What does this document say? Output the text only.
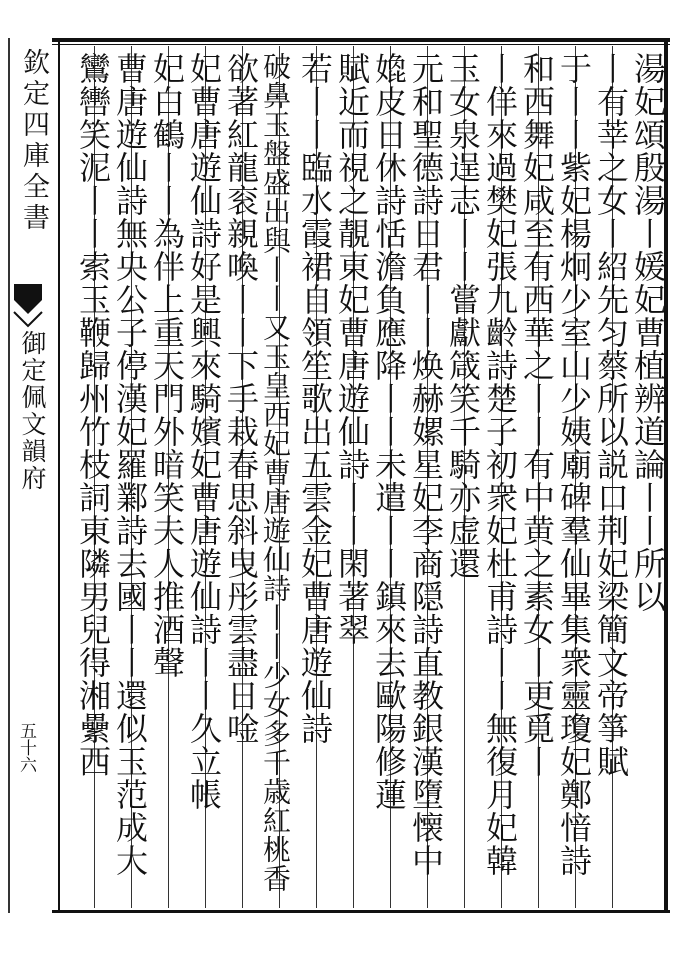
欽定四庫全書
御定佩文韻府
五十六
湯妃頌殷湯丨媛妃曹植辨道論丨丨所以
丨有莘之女丨紹先匀蔡所以説口荆妃梁簡文帝箏賦
于丨丨紫妃楊炯少室山少姨廟碑羣仙畢集衆靈瓊妃鄭愔詩
和西舞妃咸至有西華之丨丨有中黄之素女丨更覓丨
丨佯來過樊妃張九齡詩楚子初衆妃杜甫詩丨丨無復月妃韓
玉女泉逞志丨丨嘗獻箴笑千騎亦虚還
元和聖德詩日君丨丨焕赫嫘星妃李商隠詩直教銀漢墮懐中
嫓皮日休詩恬澹負應降丨丨未遣丨丨鎮來去歐陽修蓮
賦近而視之靚東妃曹唐遊仙詩丨丨閑著翠
若丨丨臨水霞裙自領笙歌出五雲金妃曹唐遊仙詩
破鼻玉盤盛出與丨丨又玉皇西妃曹唐遊仙詩丨丨少女多千歳紅桃香
欲著紅龍衮親喚丨丨下手栽春思斜曳彤雲盡日唫
妃曹唐遊仙詩好是興來騎嬪妃曹唐遊仙詩丨丨久立帳
妃白鶴丨丨為伴上重天門外暗笑夫人推酒聲
曹唐遊仙詩無央公子停漢妃羅鄴詩去國丨丨還似玉范成大
鸞轡笑泥丨丨索玉鞭歸州竹枝詞東隣男兒得湘纍西
